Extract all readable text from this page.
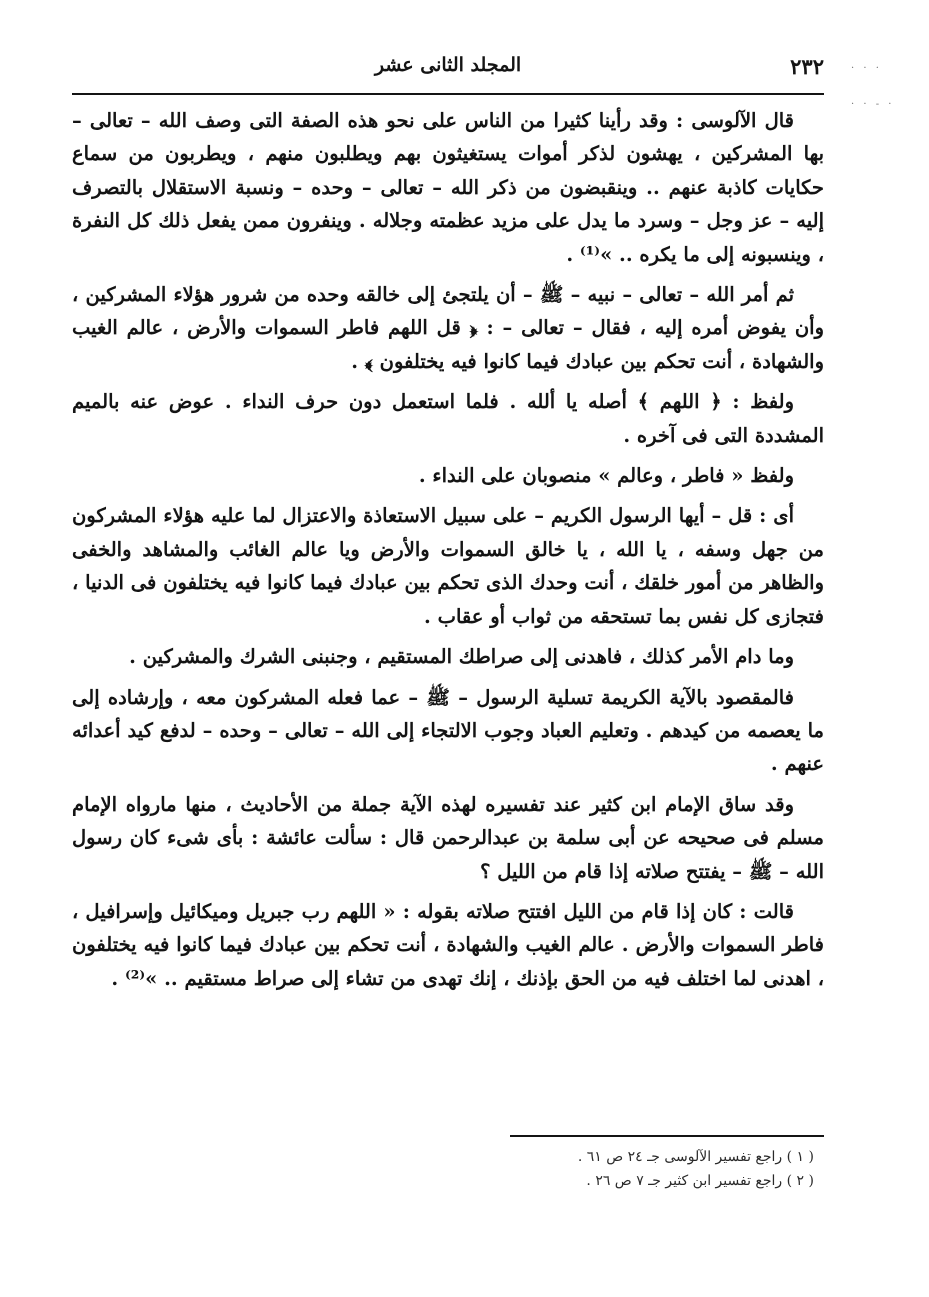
٢٣٢
المجلد الثانى عشر	· · ·

· · - ·

قال الآلوسى : وقد رأينا كثيرا من الناس على نحو هذه الصفة التى وصف الله – تعالى – بها المشركين ، يهشون لذكر أموات يستغيثون بهم ويطلبون منهم ، ويطربون من سماع حكايات كاذبة عنهم .. وينقبضون من ذكر الله – تعالى – وحده – ونسبة الاستقلال بالتصرف إليه – عز وجل – وسرد ما يدل على مزيد عظمته وجلاله . وينفرون ممن يفعل ذلك كل النفرة ، وينسبونه إلى ما يكره .. »⁽¹⁾ .

ثم أمر الله – تعالى – نبيه – ﷺ – أن يلتجئ إلى خالقه وحده من شرور هؤلاء المشركين ، وأن يفوض أمره إليه ، فقال – تعالى – : ﴿ قل اللهم فاطر السموات والأرض ، عالم الغيب والشهادة ، أنت تحكم بين عبادك فيما كانوا فيه يختلفون ﴾ .

ولفظ : ﴿ اللهم ﴾ أصله يا ألله . فلما استعمل دون حرف النداء . عوض عنه بالميم المشددة التى فى آخره .

ولفظ « فاطر ، وعالم » منصوبان على النداء .

أى : قل – أيها الرسول الكريم – على سبيل الاستعاذة والاعتزال لما عليه هؤلاء المشركون من جهل وسفه ، يا الله ، يا خالق السموات والأرض ويا عالم الغائب والمشاهد والخفى والظاهر من أمور خلقك ، أنت وحدك الذى تحكم بين عبادك فيما كانوا فيه يختلفون فى الدنيا ، فتجازى كل نفس بما تستحقه من ثواب أو عقاب .

وما دام الأمر كذلك ، فاهدنى إلى صراطك المستقيم ، وجنبنى الشرك والمشركين .

فالمقصود بالآية الكريمة تسلية الرسول – ﷺ – عما فعله المشركون معه ، وإرشاده إلى ما يعصمه من كيدهم . وتعليم العباد وجوب الالتجاء إلى الله – تعالى – وحده – لدفع كيد أعدائه عنهم .

وقد ساق الإمام ابن كثير عند تفسيره لهذه الآية جملة من الأحاديث ، منها مارواه الإمام مسلم فى صحيحه عن أبى سلمة بن عبدالرحمن قال : سألت عائشة : بأى شىء كان رسول الله – ﷺ – يفتتح صلاته إذا قام من الليل ؟

قالت : كان إذا قام من الليل افتتح صلاته بقوله : « اللهم رب جبريل وميكائيل وإسرافيل ، فاطر السموات والأرض . عالم الغيب والشهادة ، أنت تحكم بين عبادك فيما كانوا فيه يختلفون ، اهدنى لما اختلف فيه من الحق بإذنك ، إنك تهدى من تشاء إلى صراط مستقيم .. »⁽²⁾ .

( ١ ) راجع تفسير الآلوسى جـ ٢٤ ص ٦١ .

( ٢ ) راجع تفسير ابن كثير جـ ٧ ص ٢٦ .
